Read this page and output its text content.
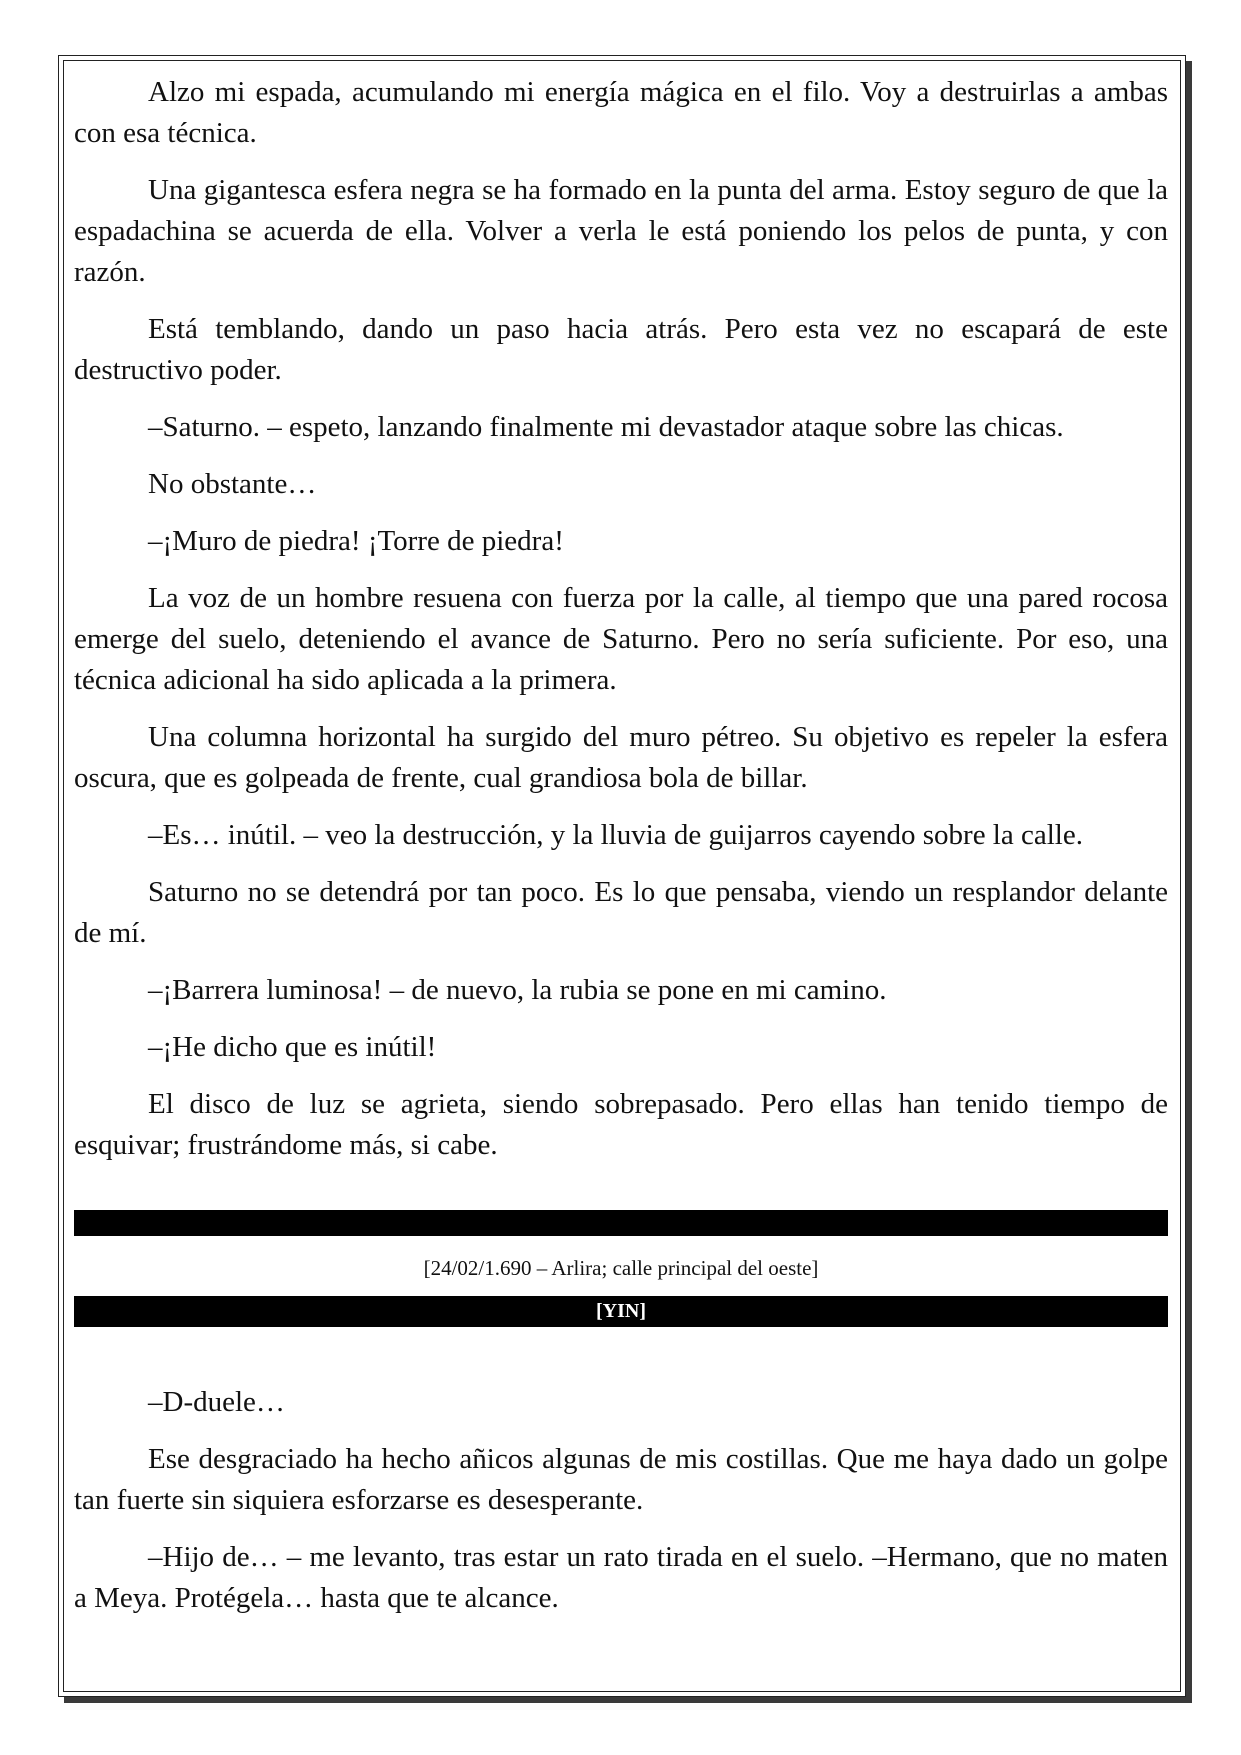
Alzo mi espada, acumulando mi energía mágica en el filo. Voy a destruirlas a ambas con esa técnica.

Una gigantesca esfera negra se ha formado en la punta del arma. Estoy seguro de que la espadachina se acuerda de ella. Volver a verla le está poniendo los pelos de punta, y con razón.

Está temblando, dando un paso hacia atrás. Pero esta vez no escapará de este destructivo poder.

–Saturno. – espeto, lanzando finalmente mi devastador ataque sobre las chicas.

No obstante…

–¡Muro de piedra! ¡Torre de piedra!

La voz de un hombre resuena con fuerza por la calle, al tiempo que una pared rocosa emerge del suelo, deteniendo el avance de Saturno. Pero no sería suficiente. Por eso, una técnica adicional ha sido aplicada a la primera.

Una columna horizontal ha surgido del muro pétreo. Su objetivo es repeler la esfera oscura, que es golpeada de frente, cual grandiosa bola de billar.

–Es… inútil. – veo la destrucción, y la lluvia de guijarros cayendo sobre la calle.

Saturno no se detendrá por tan poco. Es lo que pensaba, viendo un resplandor delante de mí.

–¡Barrera luminosa! – de nuevo, la rubia se pone en mi camino.

–¡He dicho que es inútil!

El disco de luz se agrieta, siendo sobrepasado. Pero ellas han tenido tiempo de esquivar; frustrándome más, si cabe.

[24/02/1.690 – Arlira; calle principal del oeste]
[YIN]

–D-duele…

Ese desgraciado ha hecho añicos algunas de mis costillas. Que me haya dado un golpe tan fuerte sin siquiera esforzarse es desesperante.

–Hijo de… – me levanto, tras estar un rato tirada en el suelo. –Hermano, que no maten a Meya. Protégela… hasta que te alcance.
